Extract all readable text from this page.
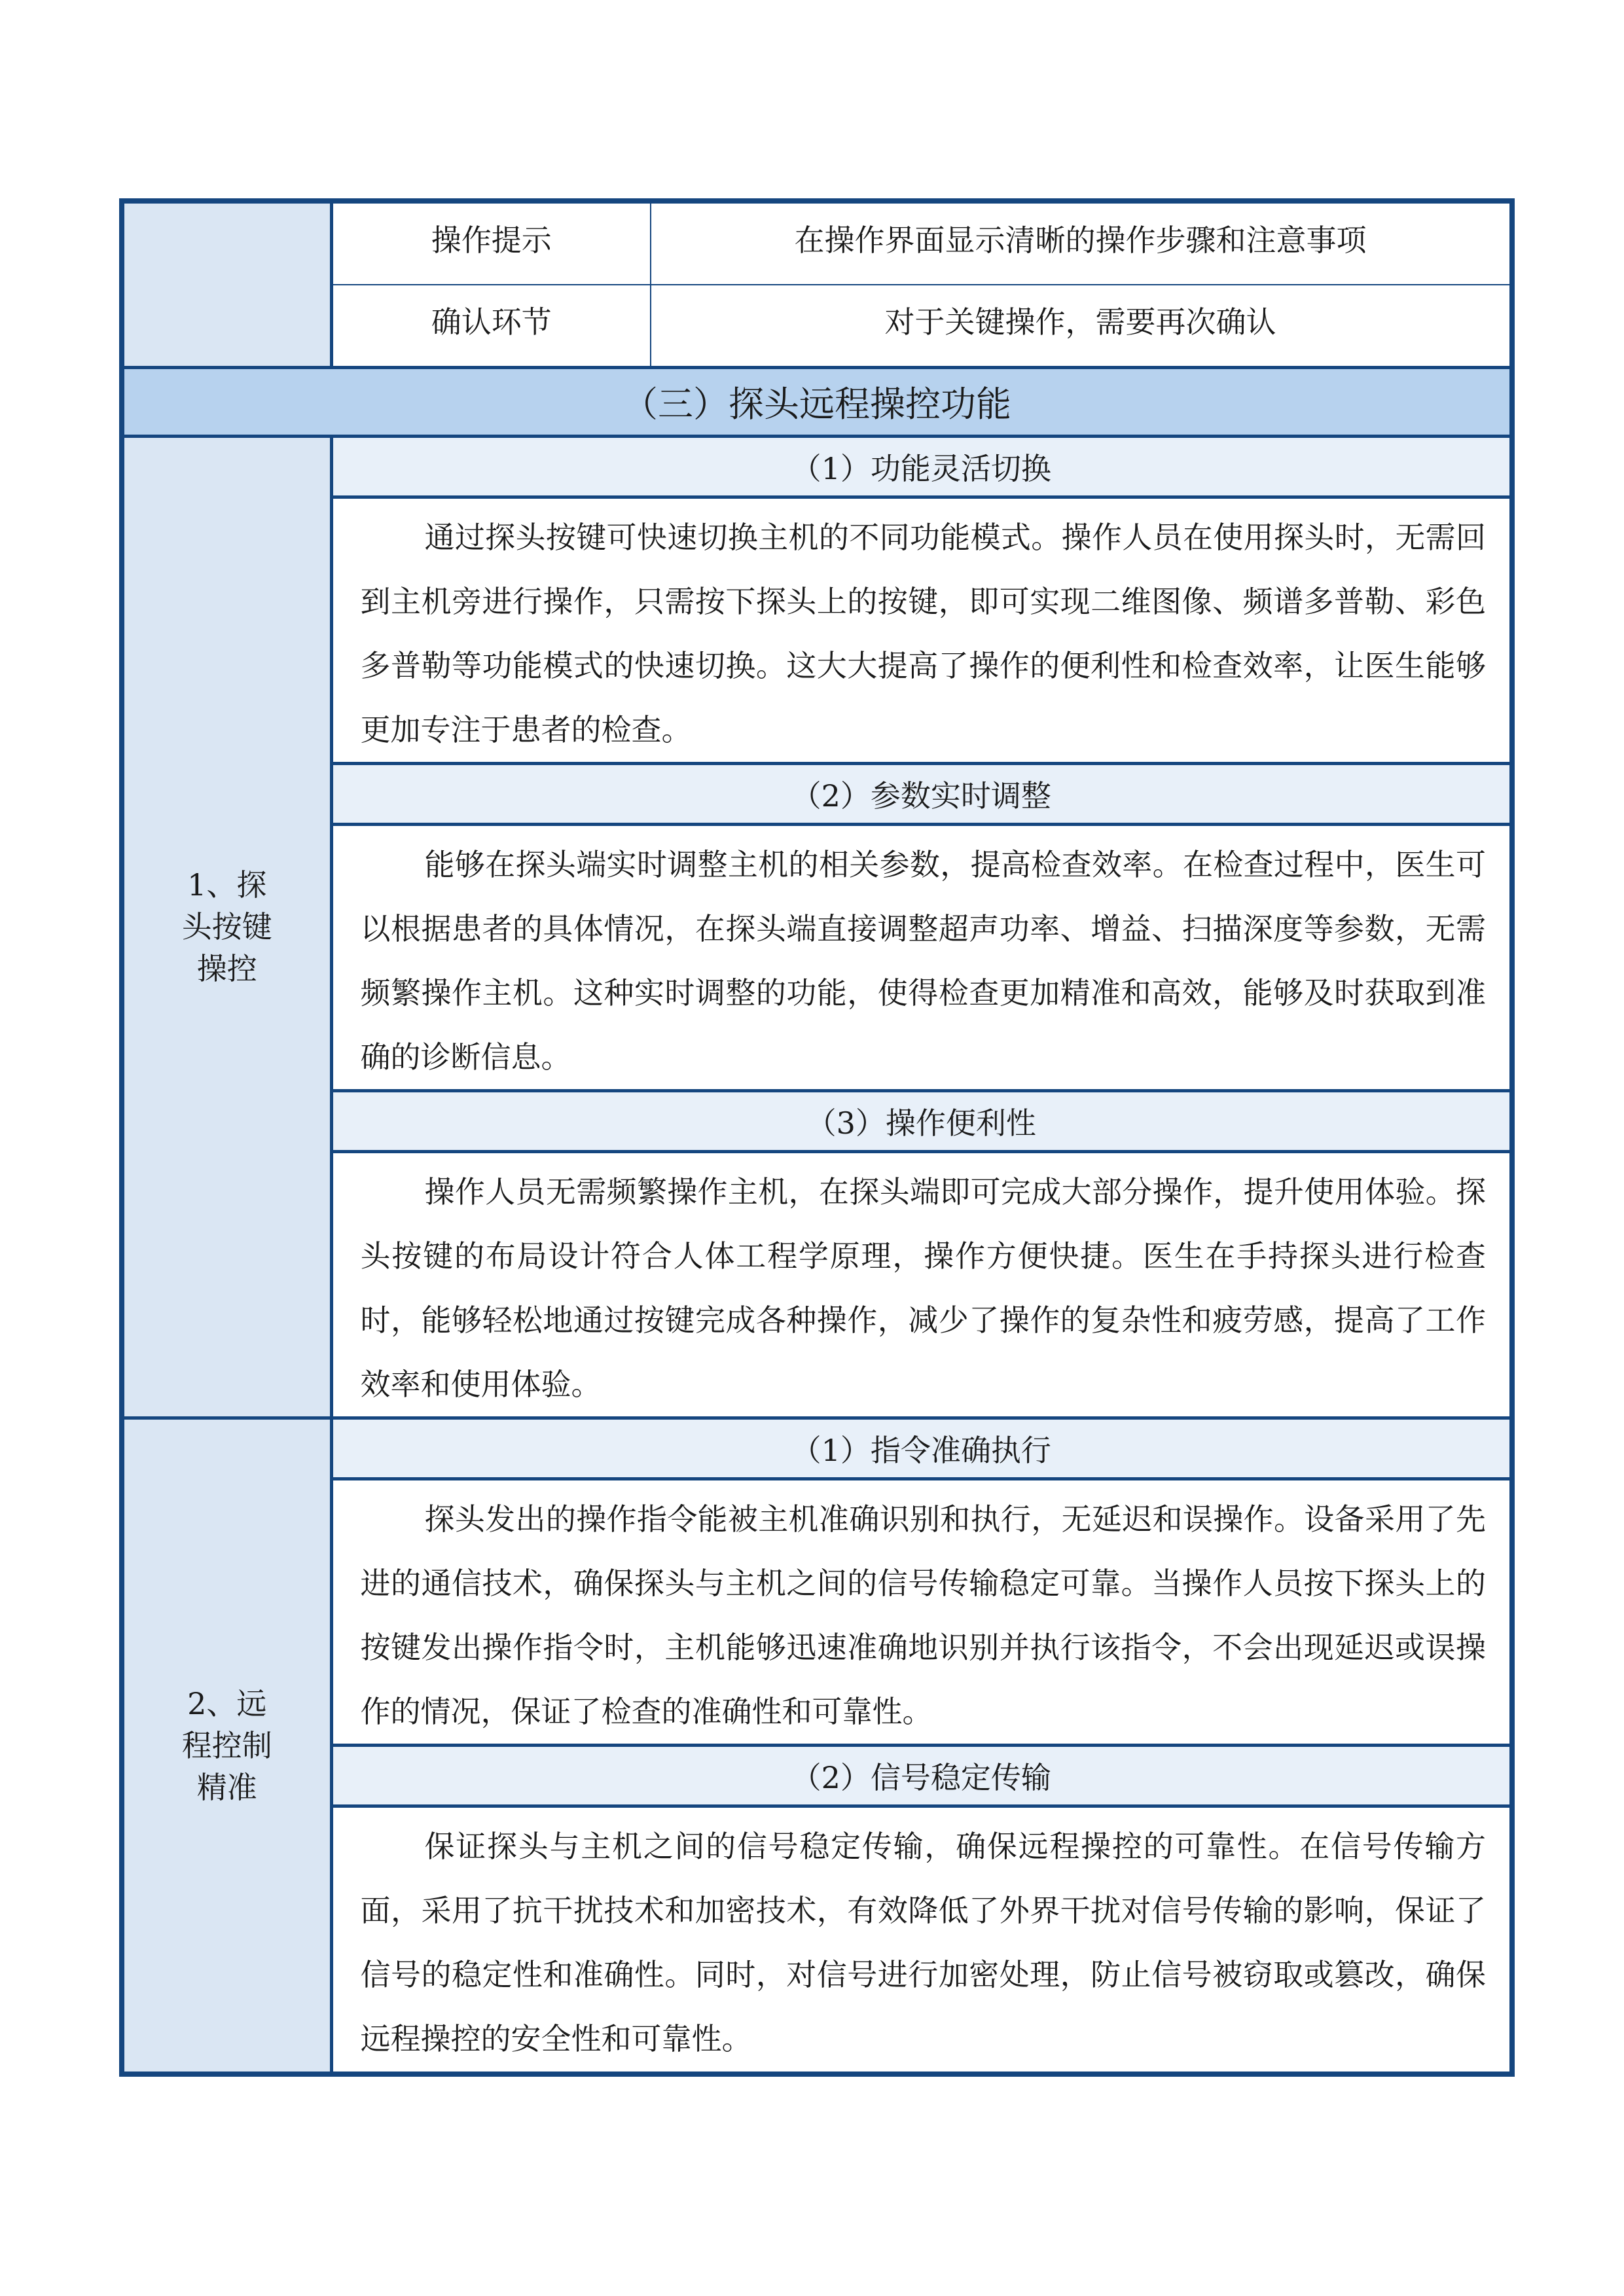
	操作提示	在操作界面显示清晰的操作步骤和注意事项
	确认环节	对于关键操作，需要再次确认
（三）探头远程操控功能		

1、探头按键操控	（1）功能灵活切换	
	通过探头按键可快速切换主机的不同功能模式。操作人员在使用探头时，无需回到主机旁进行操作，只需按下探头上的按键，即可实现二维图像、频谱多普勒、彩色多普勒等功能模式的快速切换。这大大提高了操作的便利性和检查效率，让医生能够更加专注于患者的检查。	
	（2）参数实时调整	
	能够在探头端实时调整主机的相关参数，提高检查效率。在检查过程中，医生可以根据患者的具体情况，在探头端直接调整超声功率、增益、扫描深度等参数，无需频繁操作主机。这种实时调整的功能，使得检查更加精准和高效，能够及时获取到准确的诊断信息。	
	（3）操作便利性	
	操作人员无需频繁操作主机，在探头端即可完成大部分操作，提升使用体验。探头按键的布局设计符合人体工程学原理，操作方便快捷。医生在手持探头进行检查时，能够轻松地通过按键完成各种操作，减少了操作的复杂性和疲劳感，提高了工作效率和使用体验。	

2、远程控制精准	（1）指令准确执行	
	探头发出的操作指令能被主机准确识别和执行，无延迟和误操作。设备采用了先进的通信技术，确保探头与主机之间的信号传输稳定可靠。当操作人员按下探头上的按键发出操作指令时，主机能够迅速准确地识别并执行该指令，不会出现延迟或误操作的情况，保证了检查的准确性和可靠性。	
	（2）信号稳定传输	
	保证探头与主机之间的信号稳定传输，确保远程操控的可靠性。在信号传输方面，采用了抗干扰技术和加密技术，有效降低了外界干扰对信号传输的影响，保证了信号的稳定性和准确性。同时，对信号进行加密处理，防止信号被窃取或篡改，确保远程操控的安全性和可靠性。	
